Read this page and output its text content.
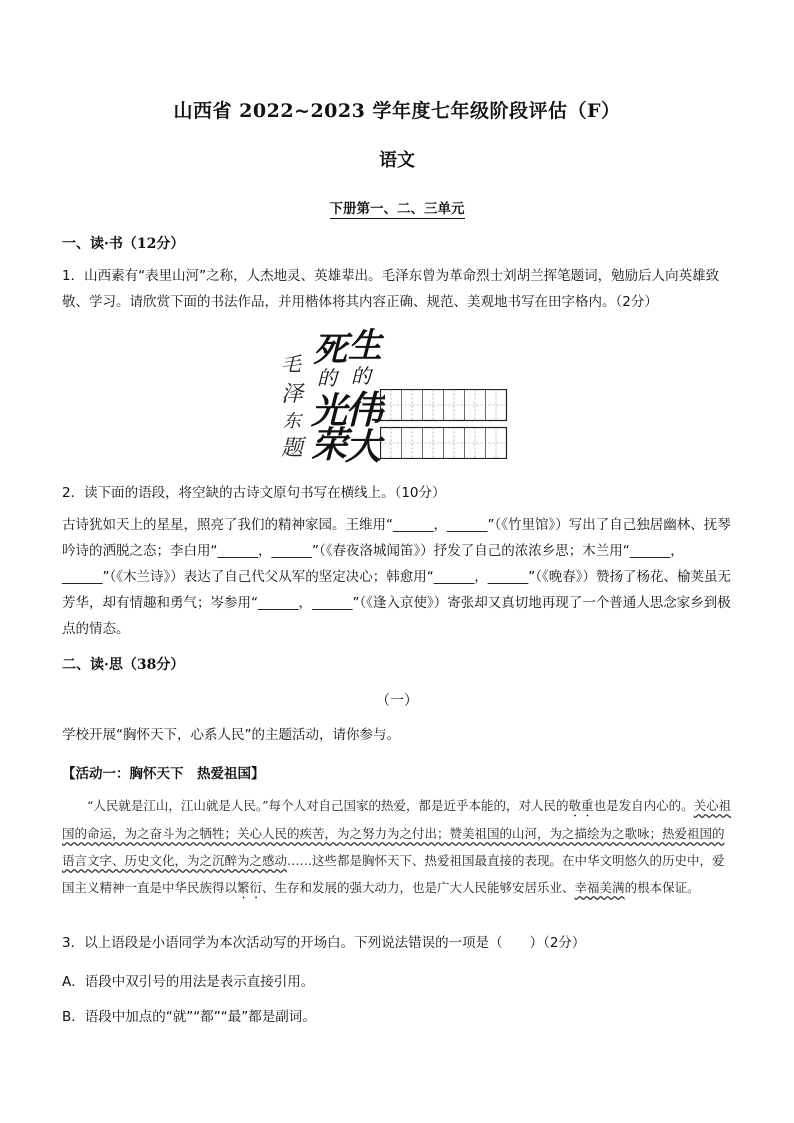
山西省 2022~2023 学年度七年级阶段评估（F）
语文
下册第一、二、三单元
一、读·书（12分）

1．山西素有“表里山河”之称，人杰地灵、英雄辈出。毛泽东曾为革命烈士刘胡兰挥笔题词，勉励后人向英雄致敬、学习。请欣赏下面的书法作品，并用楷体将其内容正确、规范、美观地书写在田字格内。（2分）

生
的
伟
大
死
的
光
荣
毛
泽
东
题

2．读下面的语段，将空缺的古诗文原句书写在横线上。（10分）

古诗犹如天上的星星，照亮了我们的精神家园。王维用“______，______”（《竹里馆》）写出了自己独居幽林、抚琴吟诗的洒脱之态；李白用“______，______”（《春夜洛城闻笛》）抒发了自己的浓浓乡思；木兰用“______，______”（《木兰诗》）表达了自己代父从军的坚定决心；韩愈用“______，______”（《晚春》）赞扬了杨花、榆荚虽无芳华，却有情趣和勇气；岑参用“______，______”（《逢入京使》）寄张却又真切地再现了一个普通人思念家乡到极点的情态。

二、读·思（38分）
（一）

学校开展“胸怀天下，心系人民”的主题活动，请你参与。

【活动一：胸怀天下　热爱祖国】

“人民就是江山，江山就是人民。”每个人对自己国家的热爱，都是近乎本能的，对人民的敬重也是发自内心的。关心祖国的命运，为之奋斗为之牺牲；关心人民的疾苦，为之努力为之付出；赞美祖国的山河，为之描绘为之歌咏；热爱祖国的语言文字、历史文化，为之沉醉为之感动……这些都是胸怀天下、热爱祖国最直接的表现。在中华文明悠久的历史中，爱国主义精神一直是中华民族得以繁衍、生存和发展的强大动力，也是广大人民能够安居乐业、幸福美满的根本保证。

3．以上语段是小语同学为本次活动写的开场白。下列说法错误的一项是（　　）（2分）

A．语段中双引号的用法是表示直接引用。
B．语段中加点的“就”“都”“最”都是副词。
